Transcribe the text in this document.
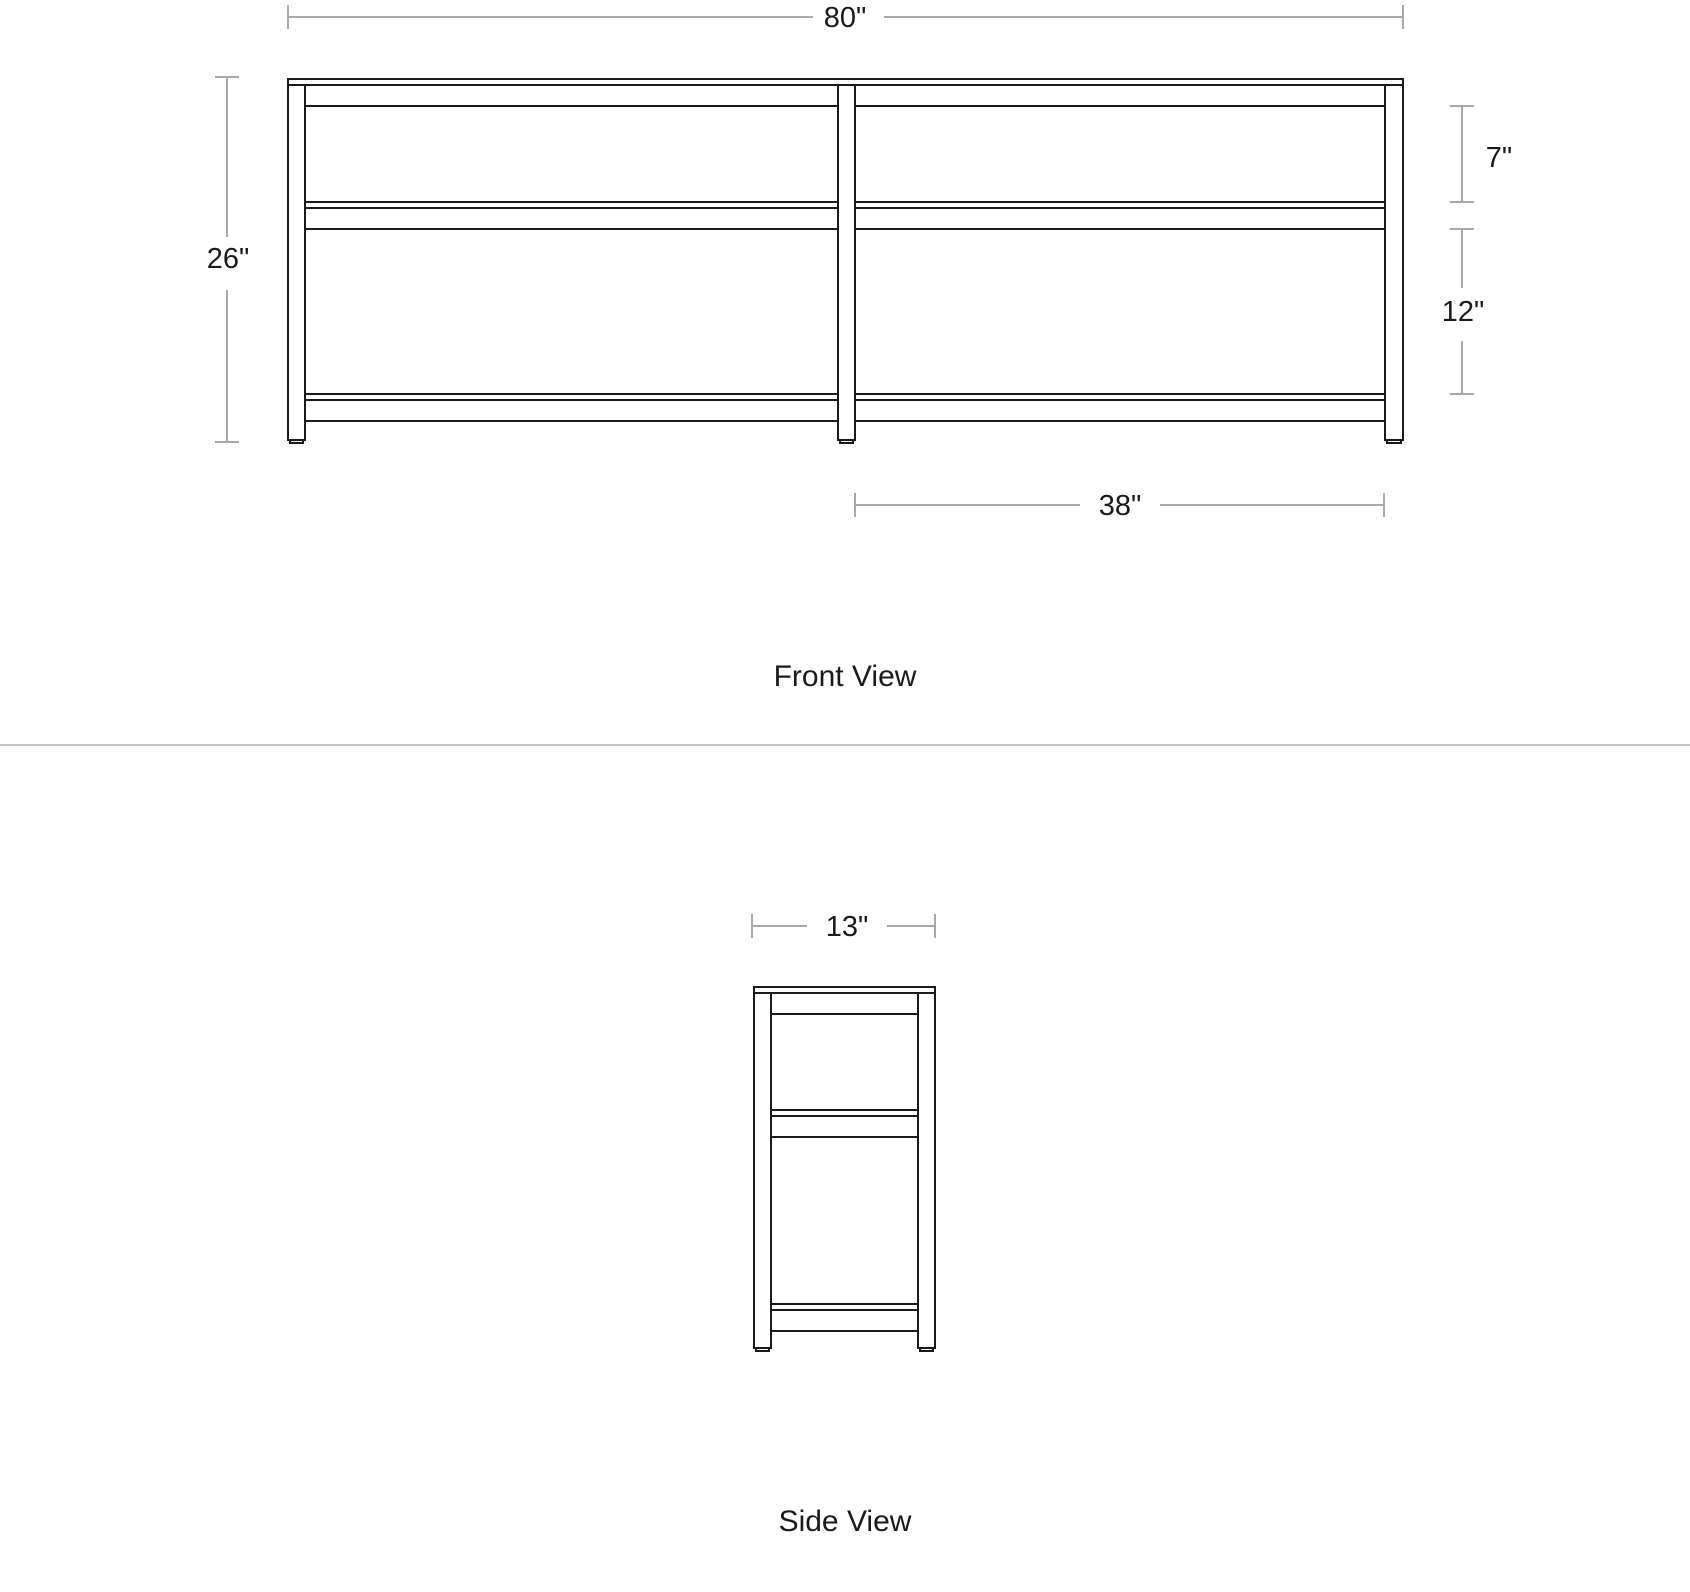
80"
26"
7"
12"
38"
Front View
13"
Side View
